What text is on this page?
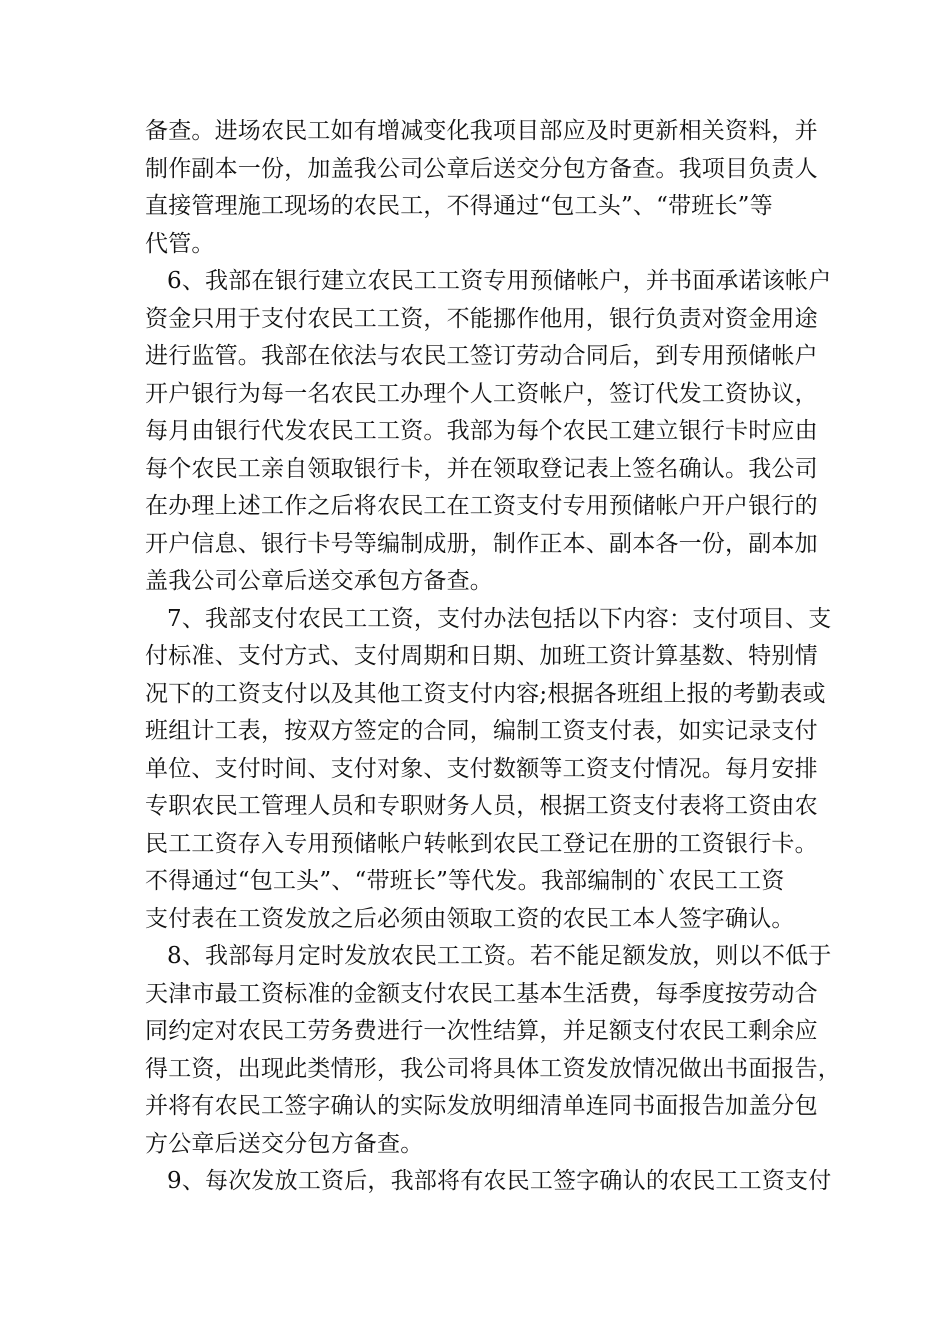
备查。进场农民工如有增减变化我项目部应及时更新相关资料，并
制作副本一份，加盖我公司公章后送交分包方备查。我项目负责人
直接管理施工现场的农民工，不得通过“包工头”、“带班长”等
代管。
6、我部在银行建立农民工工资专用预储帐户，并书面承诺该帐户
资金只用于支付农民工工资，不能挪作他用，银行负责对资金用途
进行监管。我部在依法与农民工签订劳动合同后，到专用预储帐户
开户银行为每一名农民工办理个人工资帐户，签订代发工资协议，
每月由银行代发农民工工资。我部为每个农民工建立银行卡时应由
每个农民工亲自领取银行卡，并在领取登记表上签名确认。我公司
在办理上述工作之后将农民工在工资支付专用预储帐户开户银行的
开户信息、银行卡号等编制成册，制作正本、副本各一份，副本加
盖我公司公章后送交承包方备查。
7、我部支付农民工工资，支付办法包括以下内容：支付项目、支
付标准、支付方式、支付周期和日期、加班工资计算基数、特别情
况下的工资支付以及其他工资支付内容;根据各班组上报的考勤表或
班组计工表，按双方签定的合同，编制工资支付表，如实记录支付
单位、支付时间、支付对象、支付数额等工资支付情况。每月安排
专职农民工管理人员和专职财务人员，根据工资支付表将工资由农
民工工资存入专用预储帐户转帐到农民工登记在册的工资银行卡。
不得通过“包工头”、“带班长”等代发。我部编制的`农民工工资
支付表在工资发放之后必须由领取工资的农民工本人签字确认。
8、我部每月定时发放农民工工资。若不能足额发放，则以不低于
天津市最工资标准的金额支付农民工基本生活费，每季度按劳动合
同约定对农民工劳务费进行一次性结算，并足额支付农民工剩余应
得工资，出现此类情形，我公司将具体工资发放情况做出书面报告，
并将有农民工签字确认的实际发放明细清单连同书面报告加盖分包
方公章后送交分包方备查。
9、每次发放工资后，我部将有农民工签字确认的农民工工资支付
